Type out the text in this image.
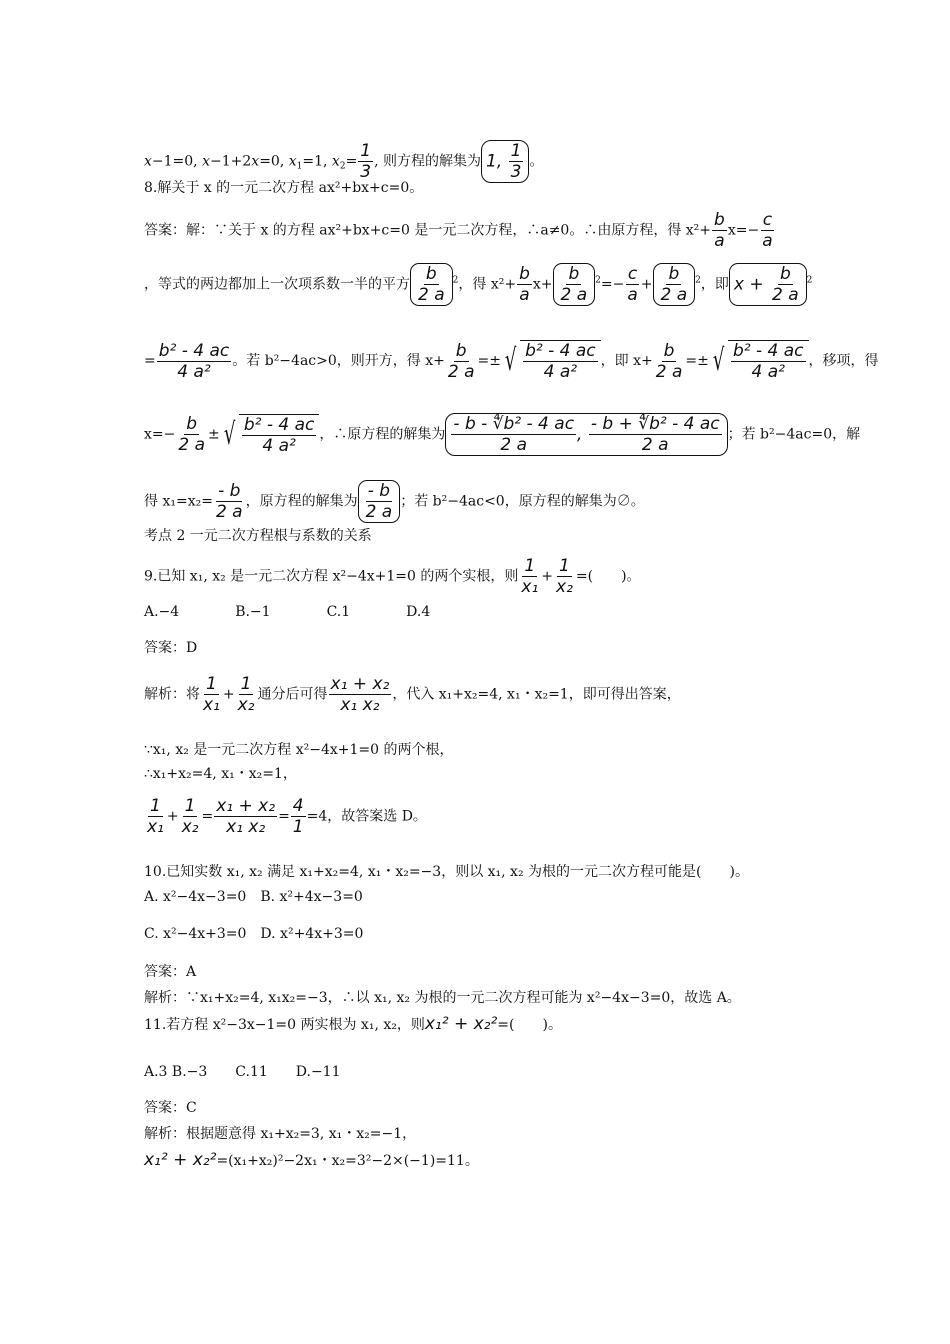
x−1=0, x−1+2x=0, $x_1=1$, $x_2= \frac{1}{3}$ , 则方程的解集为 1, $\frac{1}{3}$ 。
8.解关于 x 的一元二次方程 ax²+bx+c=0。
答案：解：∵关于 x 的方程 ax²+bx+c=0 是一元二次方程，∴a≠0。∴由原方程，得 $x^2+ \frac{b}{a} x=- \frac{c}{a}$
，等式的两边都加上一次项系数一半的平方 $\frac{b}{2 a} ^2$，得 $x^2+ \frac{b}{a} x+ \frac{b}{2 a} ^2=- \frac{c}{a} + \frac{b}{2 a} ^2$，即 $x + \frac{b}{2 a} ^2$
= $\frac{\text{b² - 4 ac}}{\text{4 a²}}$ 。若 b²−4ac>0，则开方，得 $x+ \frac{b}{2 a}$ =± √ $\frac{\text{b² - 4 ac}}{\text{4 a²}}$ ，即 $x+ \frac{b}{2 a}$ =± √ $\frac{\text{b² - 4 ac}}{\text{4 a²}}$ ，移项，得
$x=- \frac{b}{2 a}$ ± √ $\frac{\text{b² - 4 ac}}{\text{4 a²}}$ ，∴原方程的解集为 $\frac{\text{- b - ∜b² - 4 ac}}{2 a}$ , $\frac{\text{- b + ∜b² - 4 ac}}{2 a}$ ；若 b²−4ac=0，解
得 $x_1=x_2= \frac{- b}{2 a}$ ，原方程的解集为 $\frac{- b}{2 a}$ ；若 b²−4ac<0，原方程的解集为∅。
考点 2 一元二次方程根与系数的关系
9.已知 x₁, x₂ 是一元二次方程 x²−4x+1=0 的两个实根，则 $\frac{1}{\text{x₁}} + \frac{1}{\text{x₂}}$ =(　　)。
A.−4　　　　B.−1　　　　C.1　　　　D.4
答案：D
解析：将 $\frac{1}{\text{x₁}} + \frac{1}{\text{x₂}}$ 通分后可得 $\frac{\text{x₁ + x₂}}{\text{x₁ x₂}}$ ，代入 x₁+x₂=4, x₁・x₂=1，即可得出答案，
∵x₁, x₂ 是一元二次方程 x²−4x+1=0 的两个根，
∴x₁+x₂=4, x₁・x₂=1，
$\frac{1}{\text{x₁}} + \frac{1}{\text{x₂}} = \frac{\text{x₁ + x₂}}{\text{x₁ x₂}} = \frac{4}{1} =4$，故答案选 D。
10.已知实数 x₁, x₂ 满足 x₁+x₂=4, x₁・x₂=−3，则以 x₁, x₂ 为根的一元二次方程可能是(　　)。
A. x²−4x−3=0　B. x²+4x−3=0
C. x²−4x+3=0　D. x²+4x+3=0
答案：A
解析：∵x₁+x₂=4, x₁x₂=−3，∴以 x₁, x₂ 为根的一元二次方程可能为 x²−4x−3=0，故选 A。
11.若方程 x²−3x−1=0 两实根为 x₁, x₂，则x₁² + x₂²=(　　)。
A.3 B.−3　　C.11　　D.−11
答案：C
解析：根据题意得 x₁+x₂=3, x₁・x₂=−1，
x₁² + x₂²=(x₁+x₂)²−2x₁・x₂=3²−2×(−1)=11。
